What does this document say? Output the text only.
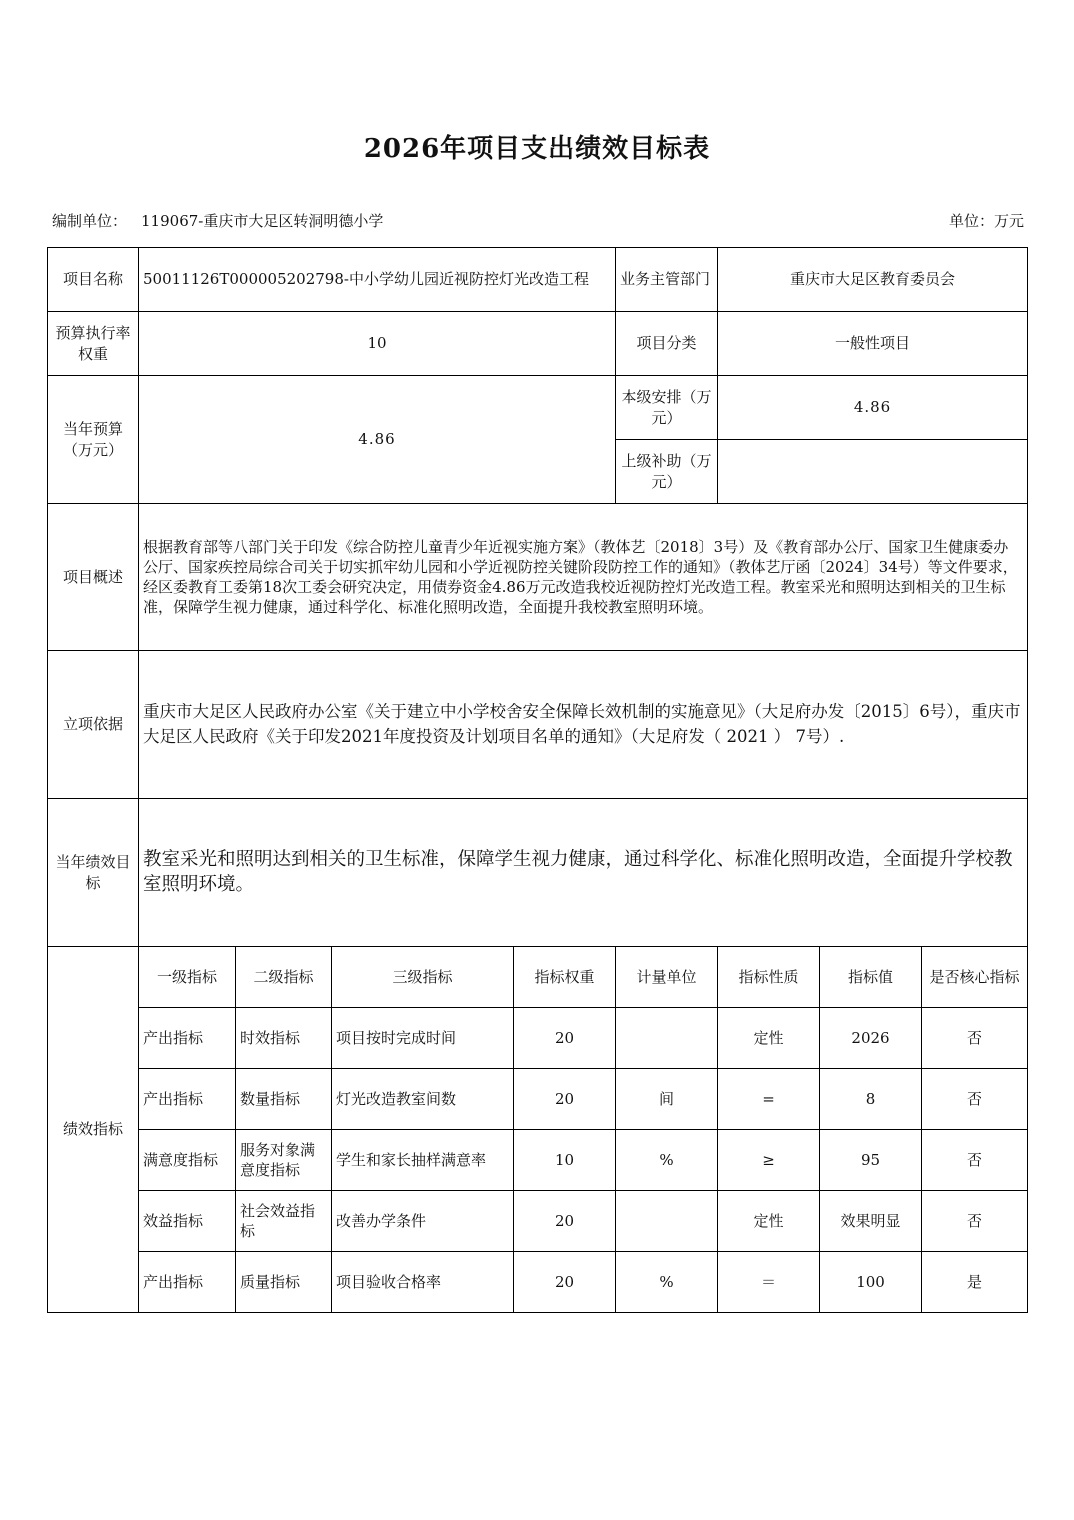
2026年项目支出绩效目标表
编制单位： 119067-重庆市大足区转洞明德小学	单位：万元
项目名称	50011126T000005202798-中小学幼儿园近视防控灯光改造工程				业务主管部门	重庆市大足区教育委员会		
预算执行率权重	10				项目分类	一般性项目		
当年预算（万元）	4.86				本级安排（万元）	4.86		
					上级补助（万元）			
项目概述	根据教育部等八部门关于印发《综合防控儿童青少年近视实施方案》（教体艺〔2018〕3号）及《教育部办公厅、国家卫生健康委办公厅、国家疾控局综合司关于切实抓牢幼儿园和小学近视防控关键阶段防控工作的通知》（教体艺厅函〔2024〕34号）等文件要求，经区委教育工委第18次工委会研究决定，用债券资金4.86万元改造我校近视防控灯光改造工程。教室采光和照明达到相关的卫生标准，保障学生视力健康，通过科学化、标准化照明改造，全面提升我校教室照明环境。							
立项依据	重庆市大足区人民政府办公室《关于建立中小学校舍安全保障长效机制的实施意见》（大足府办发〔2015〕6号），重庆市大足区人民政府《关于印发2021年度投资及计划项目名单的通知》（大足府发（ 2021 ） 7号）.							
当年绩效目标	教室采光和照明达到相关的卫生标准，保障学生视力健康，通过科学化、标准化照明改造，全面提升学校教室照明环境。							
绩效指标	一级指标	二级指标	三级指标	指标权重	计量单位	指标性质	指标值	是否核心指标
	产出指标	时效指标	项目按时完成时间	20		定性	2026	否
	产出指标	数量指标	灯光改造教室间数	20	间	=	8	否
	满意度指标	服务对象满意度指标	学生和家长抽样满意率	10	%	≥	95	否
	效益指标	社会效益指标	改善办学条件	20		定性	效果明显	否
	产出指标	质量指标	项目验收合格率	20	%	＝	100	是
